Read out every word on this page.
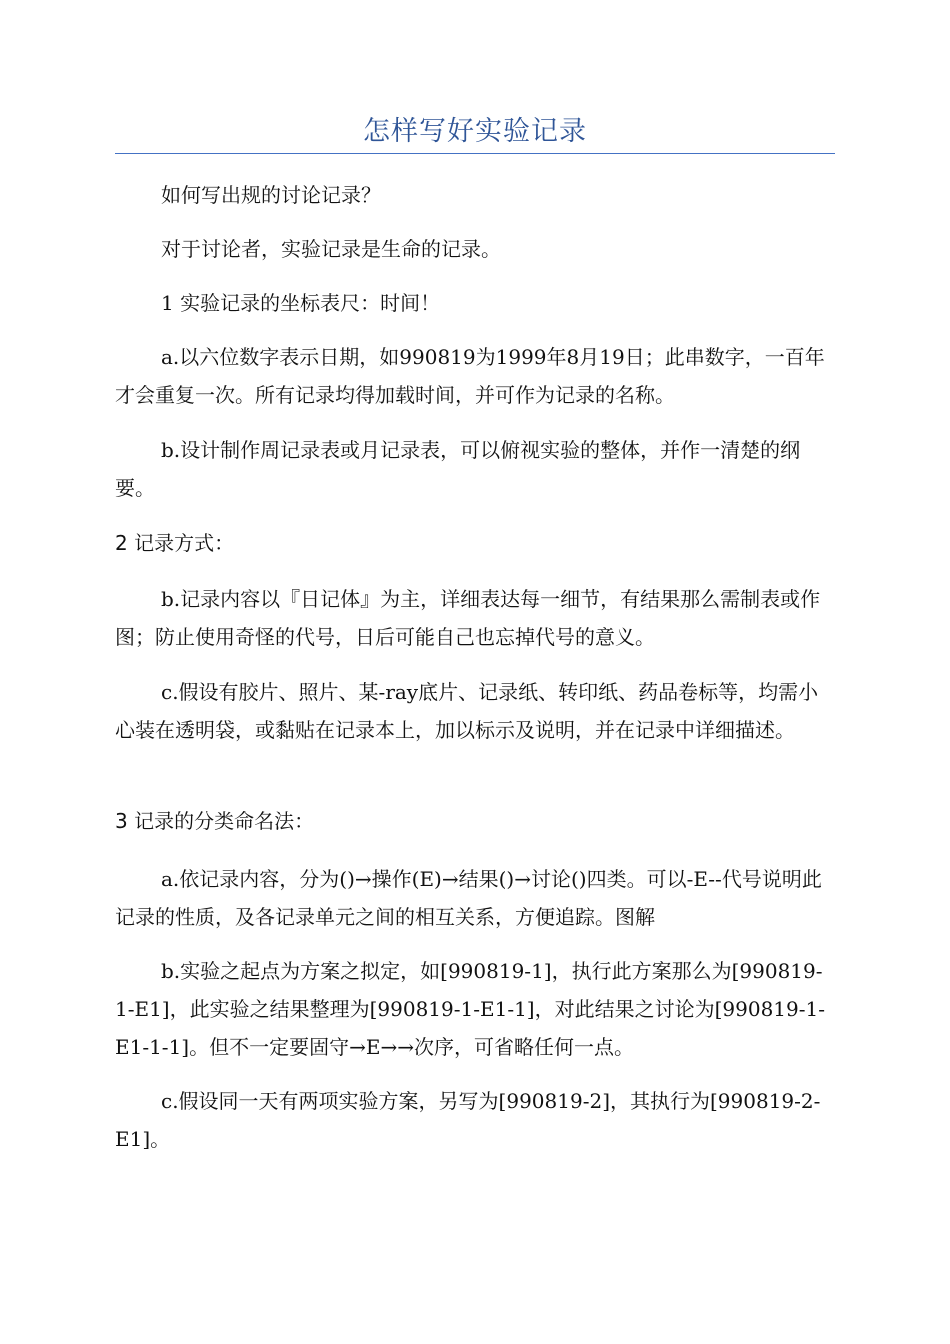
怎样写好实验记录

如何写出规的讨论记录？

对于讨论者，实验记录是生命的记录。

1 实验记录的坐标表尺：时间！

a.以六位数字表示日期，如990819为1999年8月19日；此串数字，一百年才会重复一次。所有记录均得加载时间，并可作为记录的名称。

b.设计制作周记录表或月记录表，可以俯视实验的整体，并作一清楚的纲要。

2 记录方式：

b.记录内容以『日记体』为主，详细表达每一细节，有结果那么需制表或作图；防止使用奇怪的代号，日后可能自己也忘掉代号的意义。

c.假设有胶片、照片、某-ray底片、记录纸、转印纸、药品卷标等，均需小心装在透明袋，或黏贴在记录本上，加以标示及说明，并在记录中详细描述。

3 记录的分类命名法：

a.依记录内容，分为()→操作(E)→结果()→讨论()四类。可以-E--代号说明此记录的性质，及各记录单元之间的相互关系，方便追踪。图解

b.实验之起点为方案之拟定，如[990819-1]，执行此方案那么为[990819-1-E1]，此实验之结果整理为[990819-1-E1-1]，对此结果之讨论为[990819-1-E1-1-1]。但不一定要固守→E→→次序，可省略任何一点。

c.假设同一天有两项实验方案，另写为[990819-2]，其执行为[990819-2-E1]。
